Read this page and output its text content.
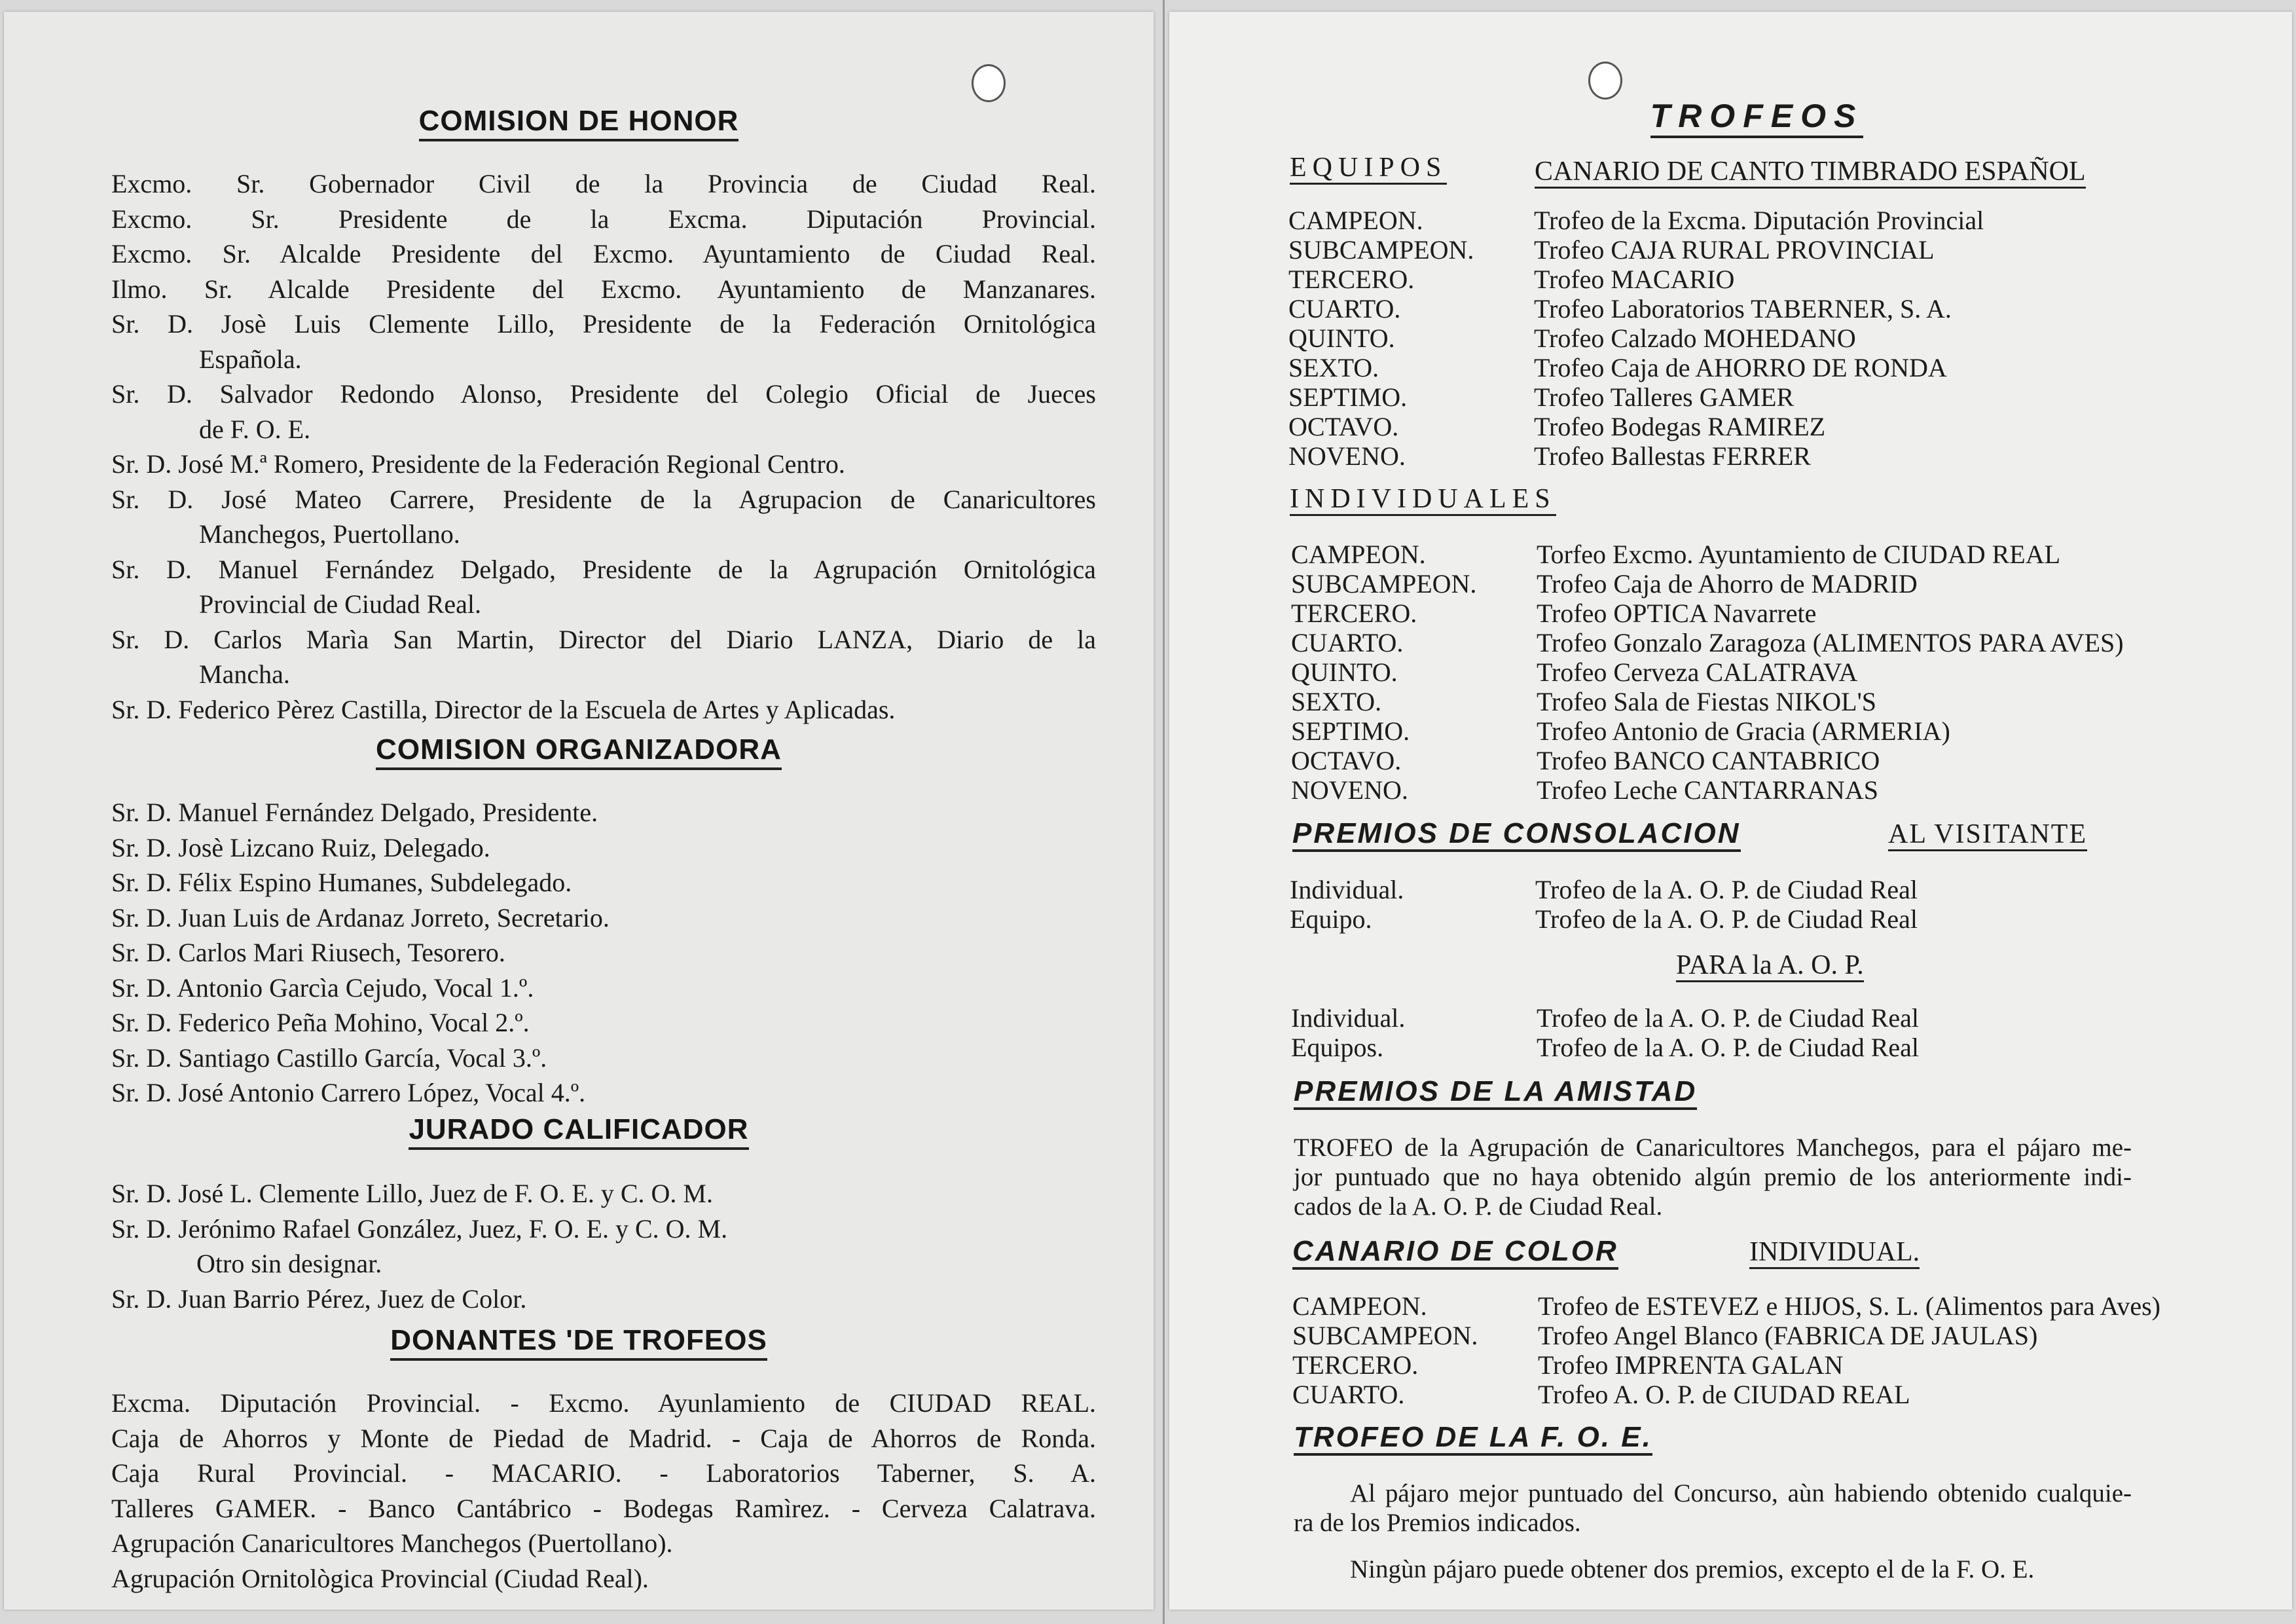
COMISION DE HONOR
Excmo. Sr. Gobernador Civil de la Provincia de Ciudad Real.
Excmo. Sr. Presidente de la Excma. Diputación Provincial.
Excmo. Sr. Alcalde Presidente del Excmo. Ayuntamiento de Ciudad Real.
Ilmo. Sr. Alcalde Presidente del Excmo. Ayuntamiento de Manzanares.
Sr. D. Josè Luis Clemente Lillo, Presidente de la Federación Ornitológica
Española.
Sr. D. Salvador Redondo Alonso, Presidente del Colegio Oficial de Jueces
de F. O. E.
Sr. D. José M.ª Romero, Presidente de la Federación Regional Centro.
Sr. D. José Mateo Carrere, Presidente de la Agrupacion de Canaricultores
Manchegos, Puertollano.
Sr. D. Manuel Fernández Delgado, Presidente de la Agrupación Ornitológica
Provincial de Ciudad Real.
Sr. D. Carlos Marìa San Martin, Director del Diario LANZA, Diario de la
Mancha.
Sr. D. Federico Pèrez Castilla, Director de la Escuela de Artes y Aplicadas.
COMISION ORGANIZADORA
Sr. D. Manuel Fernández Delgado, Presidente.
Sr. D. Josè Lizcano Ruiz, Delegado.
Sr. D. Félix Espino Humanes, Subdelegado.
Sr. D. Juan Luis de Ardanaz Jorreto, Secretario.
Sr. D. Carlos Mari Riusech, Tesorero.
Sr. D. Antonio Garcìa Cejudo, Vocal 1.º.
Sr. D. Federico Peña Mohino, Vocal 2.º.
Sr. D. Santiago Castillo García, Vocal 3.º.
Sr. D. José Antonio Carrero López, Vocal 4.º.
JURADO CALIFICADOR
Sr. D. José L. Clemente Lillo, Juez de F. O. E. y C. O. M.
Sr. D. Jerónimo Rafael González, Juez, F. O. E. y C. O. M.
Otro sin designar.
Sr. D. Juan Barrio Pérez, Juez de Color.
DONANTES 'DE TROFEOS
Excma. Diputación Provincial. - Excmo. Ayunlamiento de CIUDAD REAL.
Caja de Ahorros y Monte de Piedad de Madrid. - Caja de Ahorros de Ronda.
Caja Rural Provincial. - MACARIO. - Laboratorios Taberner, S. A.
Talleres GAMER. - Banco Cantábrico - Bodegas Ramìrez. - Cerveza Calatrava.
Agrupación Canaricultores Manchegos (Puertollano).
Agrupación Ornitològica Provincial (Ciudad Real).
TROFEOS

EQUIPOS	CANARIO DE CANTO TIMBRADO ESPAÑOL

CAMPEON.	Trofeo de la Excma. Diputación Provincial
SUBCAMPEON.	Trofeo CAJA RURAL PROVINCIAL
TERCERO.	Trofeo MACARIO
CUARTO.	Trofeo Laboratorios TABERNER, S. A.
QUINTO.	Trofeo Calzado MOHEDANO
SEXTO.	Trofeo Caja de AHORRO DE RONDA
SEPTIMO.	Trofeo Talleres GAMER
OCTAVO.	Trofeo Bodegas RAMIREZ
NOVENO.	Trofeo Ballestas FERRER

INDIVIDUALES

CAMPEON.	Torfeo Excmo. Ayuntamiento de CIUDAD REAL
SUBCAMPEON.	Trofeo Caja de Ahorro de MADRID
TERCERO.	Trofeo OPTICA Navarrete
CUARTO.	Trofeo Gonzalo Zaragoza (ALIMENTOS PARA AVES)
QUINTO.	Trofeo Cerveza CALATRAVA
SEXTO.	Trofeo Sala de Fiestas NIKOL'S
SEPTIMO.	Trofeo Antonio de Gracia (ARMERIA)
OCTAVO.	Trofeo BANCO CANTABRICO
NOVENO.	Trofeo Leche CANTARRANAS
PREMIOS DE CONSOLACION	AL VISITANTE

Individual.	Trofeo de la A. O. P. de Ciudad Real
Equipo.	Trofeo de la A. O. P. de Ciudad Real

PARA la A. O. P.

Individual.	Trofeo de la A. O. P. de Ciudad Real
Equipos.	Trofeo de la A. O. P. de Ciudad Real
PREMIOS DE LA AMISTAD

TROFEO de la Agrupación de Canaricultores Manchegos, para el pájaro me-

jor puntuado que no haya obtenido algún premio de los anteriormente indi-

cados de la A. O. P. de Ciudad Real.

CANARIO DE COLOR	INDIVIDUAL.

CAMPEON.	Trofeo de ESTEVEZ e HIJOS, S. L. (Alimentos para Aves)
SUBCAMPEON.	Trofeo Angel Blanco (FABRICA DE JAULAS)
TERCERO.	Trofeo IMPRENTA GALAN
CUARTO.	Trofeo A. O. P. de CIUDAD REAL
TROFEO DE LA F. O. E.

Al pájaro mejor puntuado del Concurso, aùn habiendo obtenido cualquie-

ra de los Premios indicados.

Ningùn pájaro puede obtener dos premios, excepto el de la F. O. E.
